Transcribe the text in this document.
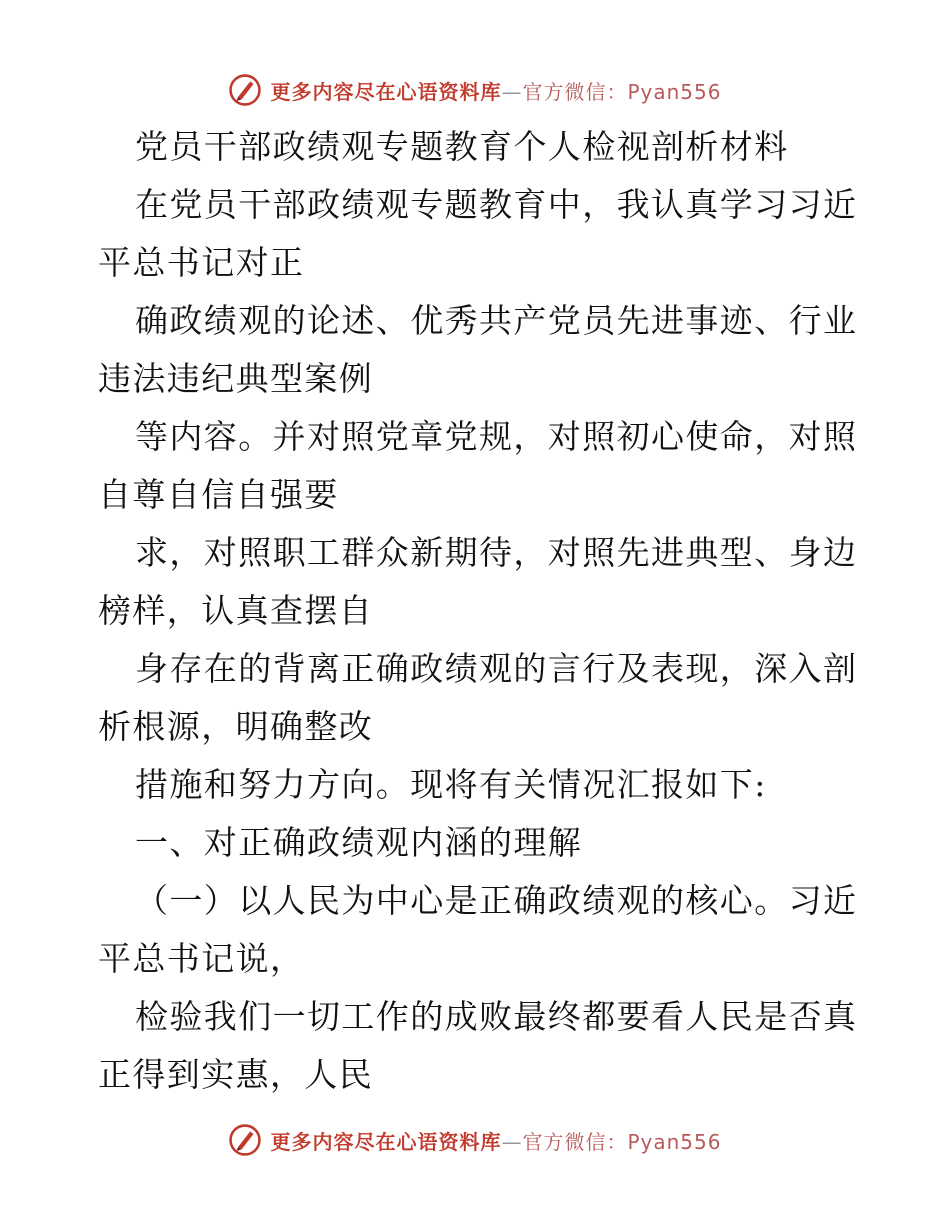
更多内容尽在心语资料库—官方微信：Pyan556
党员干部政绩观专题教育个人检视剖析材料
在党员干部政绩观专题教育中，我认真学习习近
平总书记对正
确政绩观的论述、优秀共产党员先进事迹、行业
违法违纪典型案例
等内容。并对照党章党规，对照初心使命，对照
自尊自信自强要
求，对照职工群众新期待，对照先进典型、身边
榜样，认真查摆自
身存在的背离正确政绩观的言行及表现，深入剖
析根源，明确整改
措施和努力方向。现将有关情况汇报如下:
一、对正确政绩观内涵的理解
（一）以人民为中心是正确政绩观的核心。习近
平总书记说，
检验我们一切工作的成败最终都要看人民是否真
正得到实惠，人民
更多内容尽在心语资料库—官方微信：Pyan556
